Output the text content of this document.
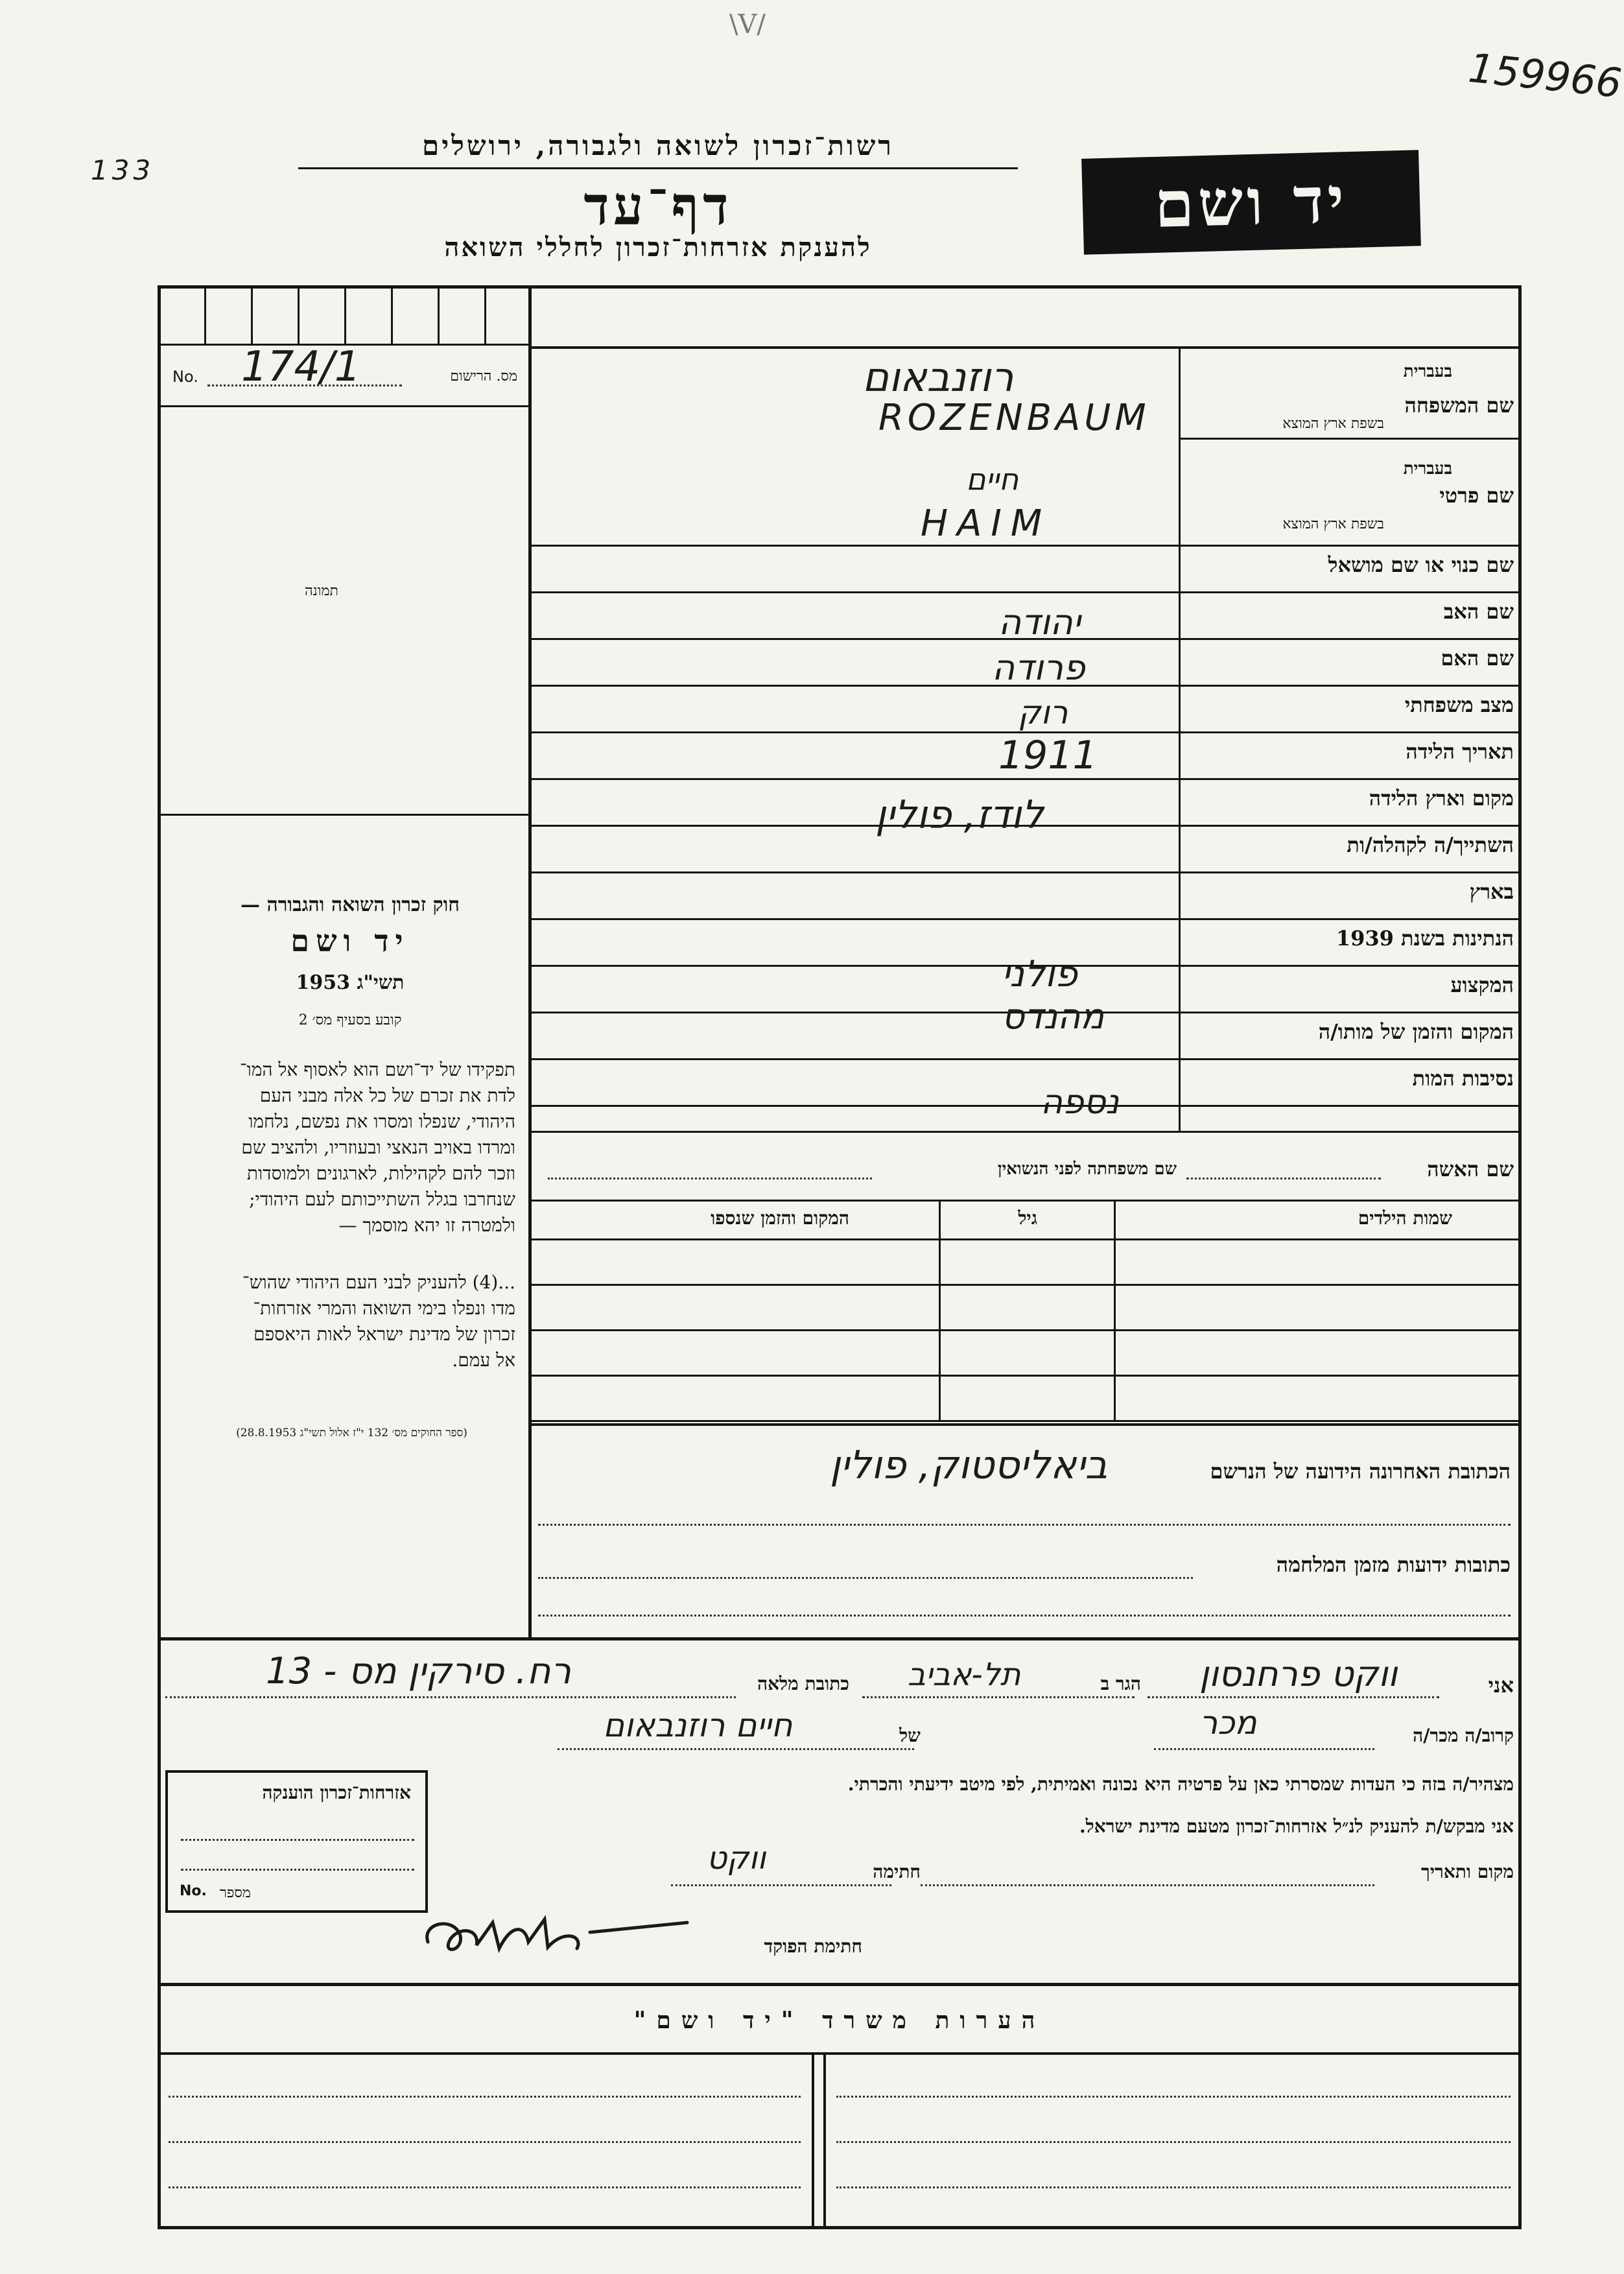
159966
133
\V/
יד ושם
רשות־זכרון לשואה ולגבורה, ירושלים
דף־עד
להענקת אזרחות־זכרון לחללי השואה
No. 174/1	מס. הרישום
תמונה
חוק זכרון השואה והגבורה —
יד ושם
תשי"ג 1953
קובע בסעיף מס׳ 2
תפקידו של יד־ושם הוא לאסוף אל המו־
לדת את זכרם של כל אלה מבני העם
היהודי, שנפלו ומסרו את נפשם, נלחמו
ומרדו באויב הנאצי ובעוזריו, ולהציב שם
וזכר להם לקהילות, לארגונים ולמוסדות
שנחרבו בגלל השתייכותם לעם היהודי;
ולמטרה זו יהא מוסמך —
...(4) להעניק לבני העם היהודי שהוש־
מדו ונפלו בימי השואה והמרי אזרחות־
זכרון של מדינת ישראל לאות היאספם
אל עמם.
(ספר החוקים מס׳ 132 י"ז אלול תשי"ג 28.8.1953)
בעברית
שם המשפחה
בשפת ארץ המוצא
בעברית
שם פרטי
בשפת ארץ המוצא
שם כנוי או שם מושאל
שם האב
שם האם
מצב משפחתי
תאריך הלידה
מקום וארץ הלידה
השתייך/ה לקהלה/ות
בארץ
הנתינות בשנת 1939
המקצוע
המקום והזמן של מותו/ה
נסיבות המות
רוזנבאום
ROZENBAUM
חיים
HAIM
יהודה
פרודה
רוק
1911
לודז, פולין
פולני
מהנדס
נספה
שם האשה
שם משפחתה לפני הנשואין
שמות הילדים
גיל
המקום והזמן שנספו
הכתובת האחרונה הידועה של הנרשם
ביאליסטוק, פולין
כתובות ידועות מזמן המלחמה
אני
ווקט פרחנסון
הגר ב
תל-אביב
כתובת מלאה
רח. סירקין מס - 13
קרוב/ה מכר/ה
מכר
של
חיים רוזנבאום
מצהיר/ה בזה כי העדות שמסרתי כאן על פרטיה היא נכונה ואמיתית, לפי מיטב ידיעתי והכרתי.
אני מבקש/ת להעניק לנ״ל אזרחות־זכרון מטעם מדינת ישראל.
מקום ותאריך
חתימה
ווקט
חתימת הפוקד
אזרחות־זכרון הוענקה
No. מספר
הערות משרד "יד ושם"
